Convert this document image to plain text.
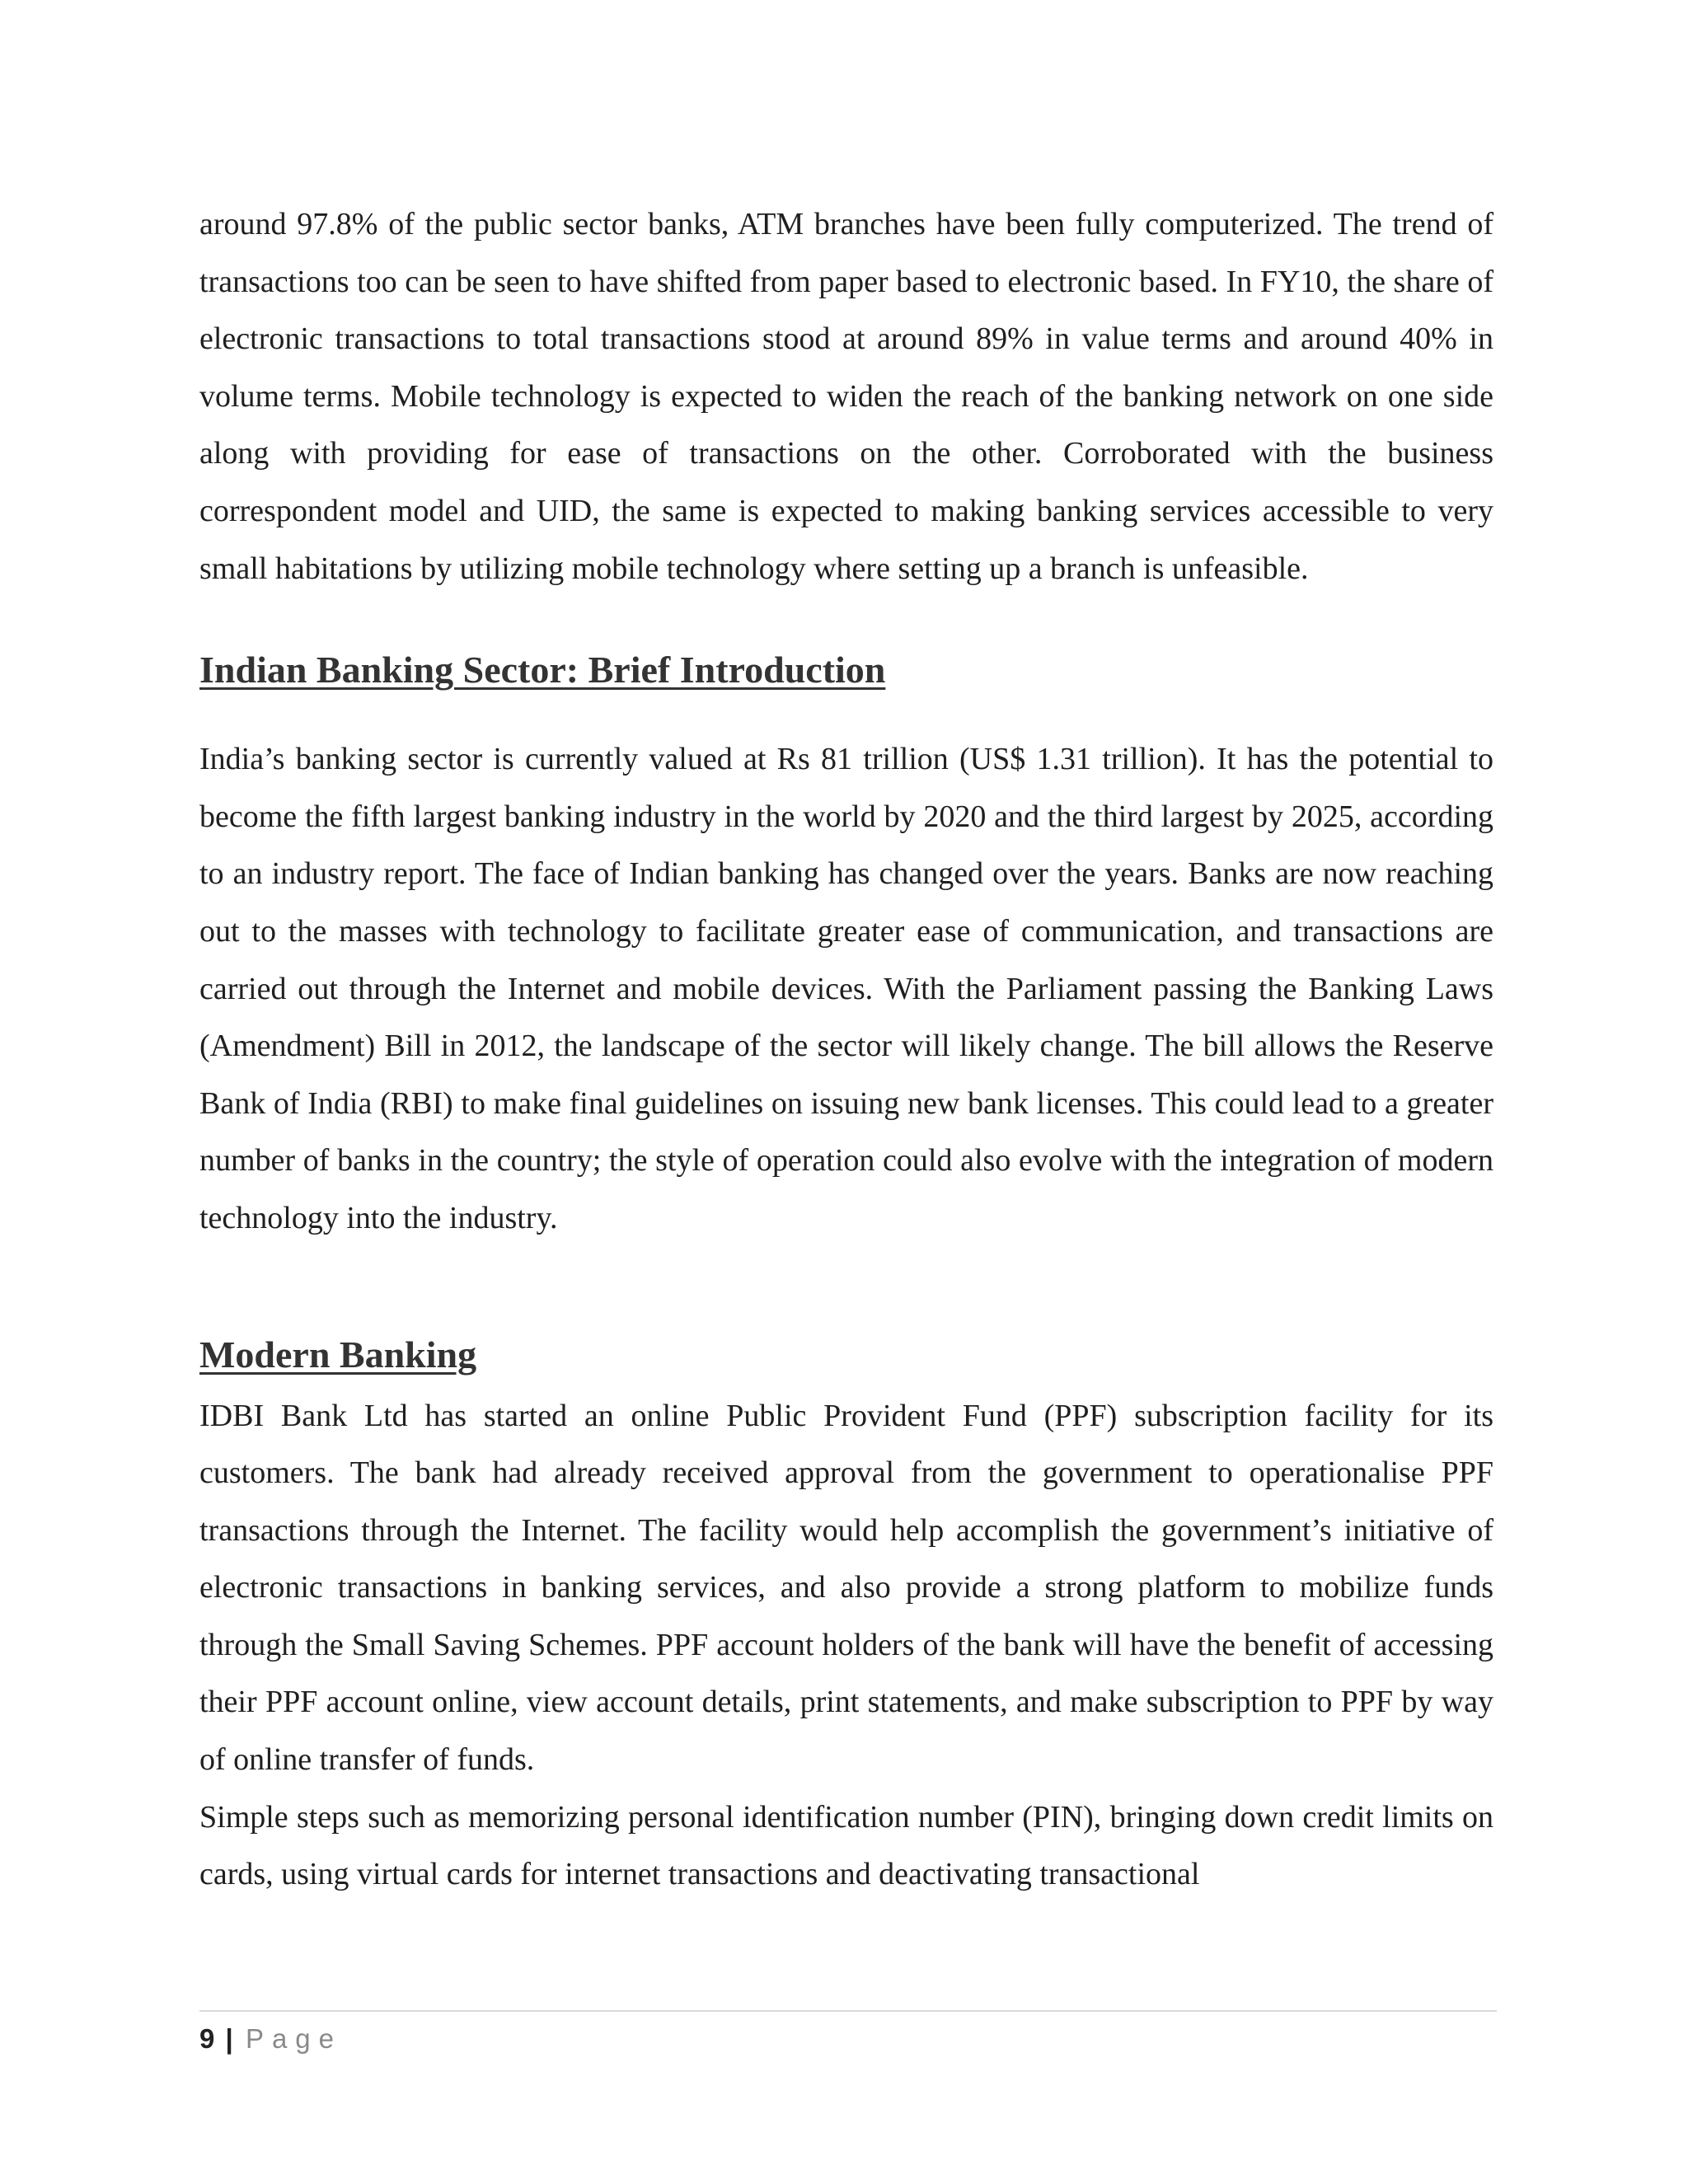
around 97.8% of the public sector banks, ATM branches have been fully computerized. The trend of transactions too can be seen to have shifted from paper based to electronic based. In FY10, the share of electronic transactions to total transactions stood at around 89% in value terms and around 40% in volume terms. Mobile technology is expected to widen the reach of the banking network on one side along with providing for ease of transactions on the other. Corroborated with the business correspondent model and UID, the same is expected to making banking services accessible to very small habitations by utilizing mobile technology where setting up a branch is unfeasible.

Indian Banking Sector: Brief Introduction

India’s banking sector is currently valued at Rs 81 trillion (US$ 1.31 trillion). It has the potential to become the fifth largest banking industry in the world by 2020 and the third largest by 2025, according to an industry report. The face of Indian banking has changed over the years. Banks are now reaching out to the masses with technology to facilitate greater ease of communication, and transactions are carried out through the Internet and mobile devices. With the Parliament passing the Banking Laws (Amendment) Bill in 2012, the landscape of the sector will likely change. The bill allows the Reserve Bank of India (RBI) to make final guidelines on issuing new bank licenses. This could lead to a greater number of banks in the country; the style of operation could also evolve with the integration of modern technology into the industry.

Modern Banking

IDBI Bank Ltd has started an online Public Provident Fund (PPF) subscription facility for its customers. The bank had already received approval from the government to operationalise PPF transactions through the Internet. The facility would help accomplish the government’s initiative of electronic transactions in banking services, and also provide a strong platform to mobilize funds through the Small Saving Schemes. PPF account holders of the bank will have the benefit of accessing their PPF account online, view account details, print statements, and make subscription to PPF by way of online transfer of funds.

Simple steps such as memorizing personal identification number (PIN), bringing down credit limits on cards, using virtual cards for internet transactions and deactivating transactional

9 | Page
